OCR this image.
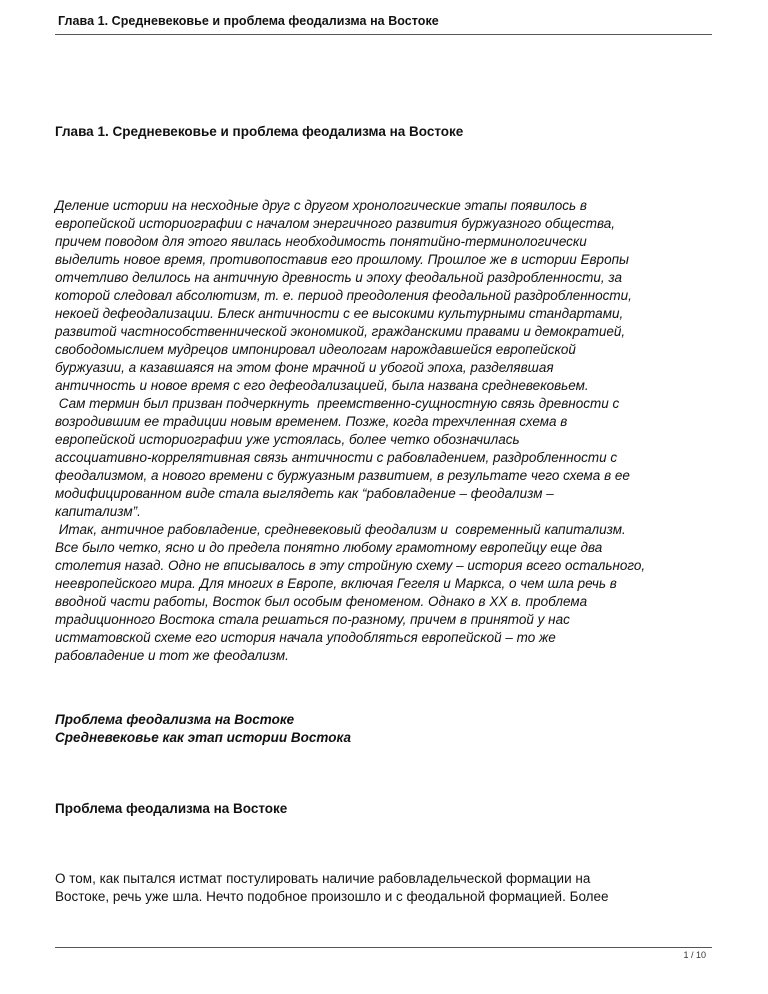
Глава 1. Средневековье и проблема феодализма на Востоке
Глава 1. Средневековье и проблема феодализма на Востоке
Деление истории на несходные друг с другом хронологические этапы появилось в
европейской историографии с началом энергичного развития буржуазного общества,
причем поводом для этого явилась необходимость понятийно-терминологически
выделить новое время, противопоставив его прошлому. Прошлое же в истории Европы
отчетливо делилось на античную древность и эпоху феодальной раздробленности, за
которой следовал абсолютизм, т. е. период преодоления феодальной раздробленности,
некоей дефеодализации. Блеск античности с ее высокими культурными стандартами,
развитой частнособственнической экономикой, гражданскими правами и демократией,
свободомыслием мудрецов импонировал идеологам нарождавшейся европейской
буржуазии, а казавшаяся на этом фоне мрачной и убогой эпоха, разделявшая
античность и новое время с его дефеодализацией, была названа средневековьем.
Сам термин был призван подчеркнуть  преемственно-сущностную связь древности с
возродившим ее традиции новым временем. Позже, когда трехчленная схема в
европейской историографии уже устоялась, более четко обозначилась
ассоциативно-коррелятивная связь античности с рабовладением, раздробленности с
феодализмом, а нового времени с буржуазным развитием, в результате чего схема в ее
модифицированном виде стала выглядеть как “рабовладение – феодализм –
капитализм”.
Итак, античное рабовладение, средневековый феодализм и  современный капитализм.
Все было четко, ясно и до предела понятно любому грамотному европейцу еще два
столетия назад. Одно не вписывалось в эту стройную схему – история всего остального,
неевропейского мира. Для многих в Европе, включая Гегеля и Маркса, о чем шла речь в
вводной части работы, Восток был особым феноменом. Однако в XX в. проблема
традиционного Востока стала решаться по-разному, причем в принятой у нас
истматовской схеме его история начала уподобляться европейской – то же
рабовладение и тот же феодализм.
Проблема феодализма на Востоке
Средневековье как этап истории Востока
Проблема феодализма на Востоке
О том, как пытался истмат постулировать наличие рабовладельческой формации на
Востоке, речь уже шла. Нечто подобное произошло и с феодальной формацией. Более
1 / 10
